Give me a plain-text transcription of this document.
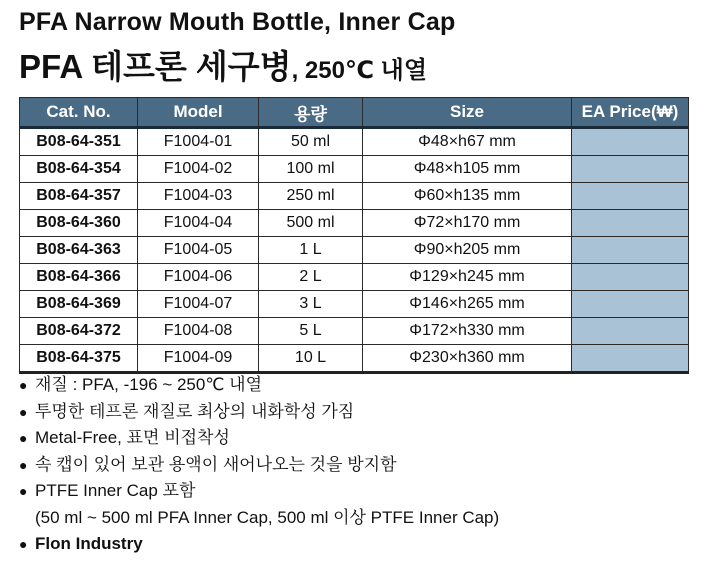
PFA Narrow Mouth Bottle, Inner Cap
PFA 테프론 세구병, 250℃ 내열
Cat. No.	Model	용량	Size	EA Price(₩)
B08-64-351	F1004-01	50 ml	Φ48×h67 mm	
B08-64-354	F1004-02	100 ml	Φ48×h105 mm	
B08-64-357	F1004-03	250 ml	Φ60×h135 mm	
B08-64-360	F1004-04	500 ml	Φ72×h170 mm	
B08-64-363	F1004-05	1 L	Φ90×h205 mm	
B08-64-366	F1004-06	2 L	Φ129×h245 mm	
B08-64-369	F1004-07	3 L	Φ146×h265 mm	
B08-64-372	F1004-08	5 L	Φ172×h330 mm	
B08-64-375	F1004-09	10 L	Φ230×h360 mm	
● 재질 : PFA, -196 ~ 250℃ 내열
● 투명한 테프론 재질로 최상의 내화학성 가짐
● Metal-Free, 표면 비접착성
● 속 캡이 있어 보관 용액이 새어나오는 것을 방지함
● PTFE Inner Cap 포함
(50 ml ~ 500 ml PFA Inner Cap, 500 ml 이상 PTFE Inner Cap)
● Flon Industry
